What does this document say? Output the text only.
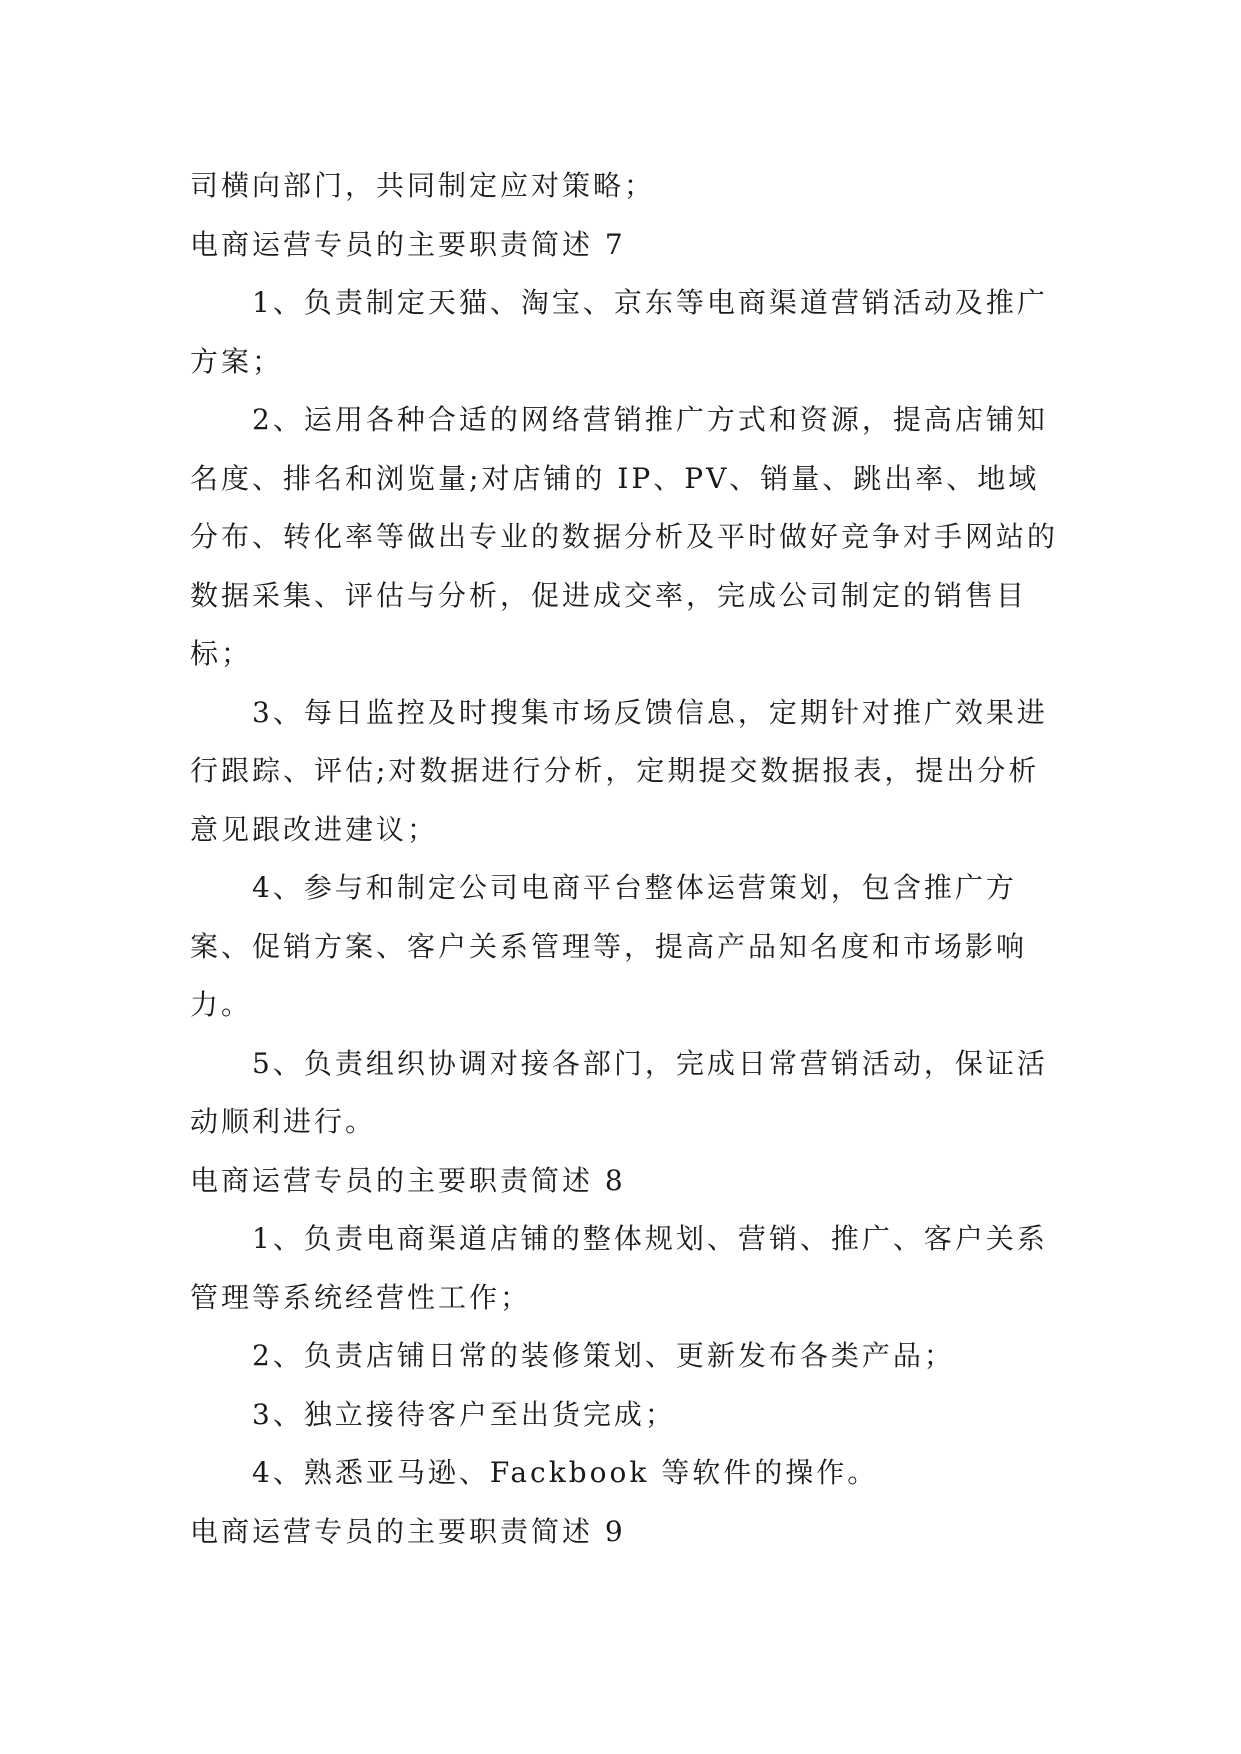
司横向部门，共同制定应对策略；

电商运营专员的主要职责简述 7

1、负责制定天猫、淘宝、京东等电商渠道营销活动及推广方案；

2、运用各种合适的网络营销推广方式和资源，提高店铺知名度、排名和浏览量;对店铺的 IP、PV、销量、跳出率、地域分布、转化率等做出专业的数据分析及平时做好竞争对手网站的数据采集、评估与分析，促进成交率，完成公司制定的销售目标；

3、每日监控及时搜集市场反馈信息，定期针对推广效果进行跟踪、评估;对数据进行分析，定期提交数据报表，提出分析意见跟改进建议；

4、参与和制定公司电商平台整体运营策划，包含推广方案、促销方案、客户关系管理等，提高产品知名度和市场影响力。

5、负责组织协调对接各部门，完成日常营销活动，保证活动顺利进行。

电商运营专员的主要职责简述 8

1、负责电商渠道店铺的整体规划、营销、推广、客户关系管理等系统经营性工作；

2、负责店铺日常的装修策划、更新发布各类产品；

3、独立接待客户至出货完成；

4、熟悉亚马逊、Fackbook 等软件的操作。

电商运营专员的主要职责简述 9
